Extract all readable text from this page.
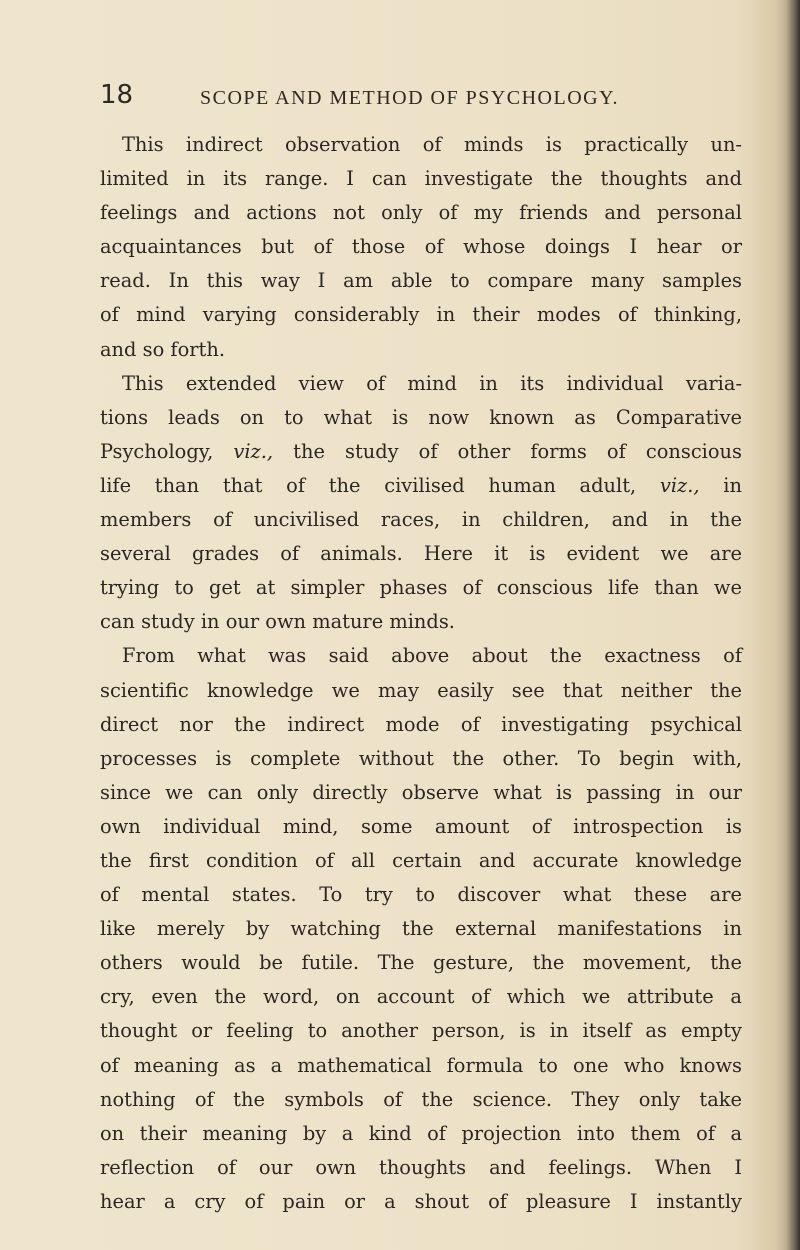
18	SCOPE AND METHOD OF PSYCHOLOGY.
This indirect observation of minds is practically un-
limited in its range. I can investigate the thoughts and
feelings and actions not only of my friends and personal
acquaintances but of those of whose doings I hear or
read. In this way I am able to compare many samples
of mind varying considerably in their modes of thinking,
and so forth.
This extended view of mind in its individual varia-
tions leads on to what is now known as Comparative
Psychology, viz., the study of other forms of conscious
life than that of the civilised human adult, viz., in
members of uncivilised races, in children, and in the
several grades of animals. Here it is evident we are
trying to get at simpler phases of conscious life than we
can study in our own mature minds.
From what was said above about the exactness of
scientific knowledge we may easily see that neither the
direct nor the indirect mode of investigating psychical
processes is complete without the other. To begin with,
since we can only directly observe what is passing in our
own individual mind, some amount of introspection is
the first condition of all certain and accurate knowledge
of mental states. To try to discover what these are
like merely by watching the external manifestations in
others would be futile. The gesture, the movement, the
cry, even the word, on account of which we attribute a
thought or feeling to another person, is in itself as empty
of meaning as a mathematical formula to one who knows
nothing of the symbols of the science. They only take
on their meaning by a kind of projection into them of a
reflection of our own thoughts and feelings. When I
hear a cry of pain or a shout of pleasure I instantly
